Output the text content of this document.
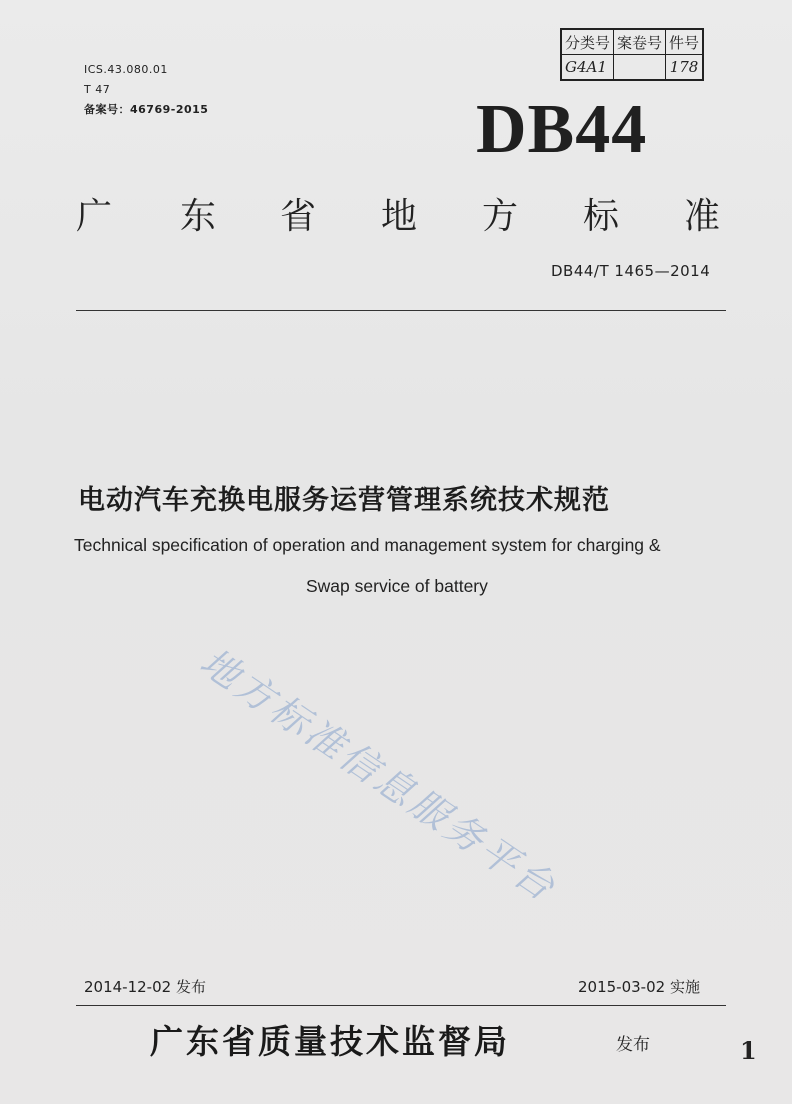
分类号	案卷号	件号
G4A1		178
ICS.43.080.01
T 47
备案号：46769-2015	DB44
广 东 省 地 方 标 准
DB44/T 1465—2014
电动汽车充换电服务运营管理系统技术规范
Technical specification of operation and management system for charging &
Swap service of battery
地方标准信息服务平台
2014-12-02 发布	2015-03-02 实施
广东省质量技术监督局	发布	1
